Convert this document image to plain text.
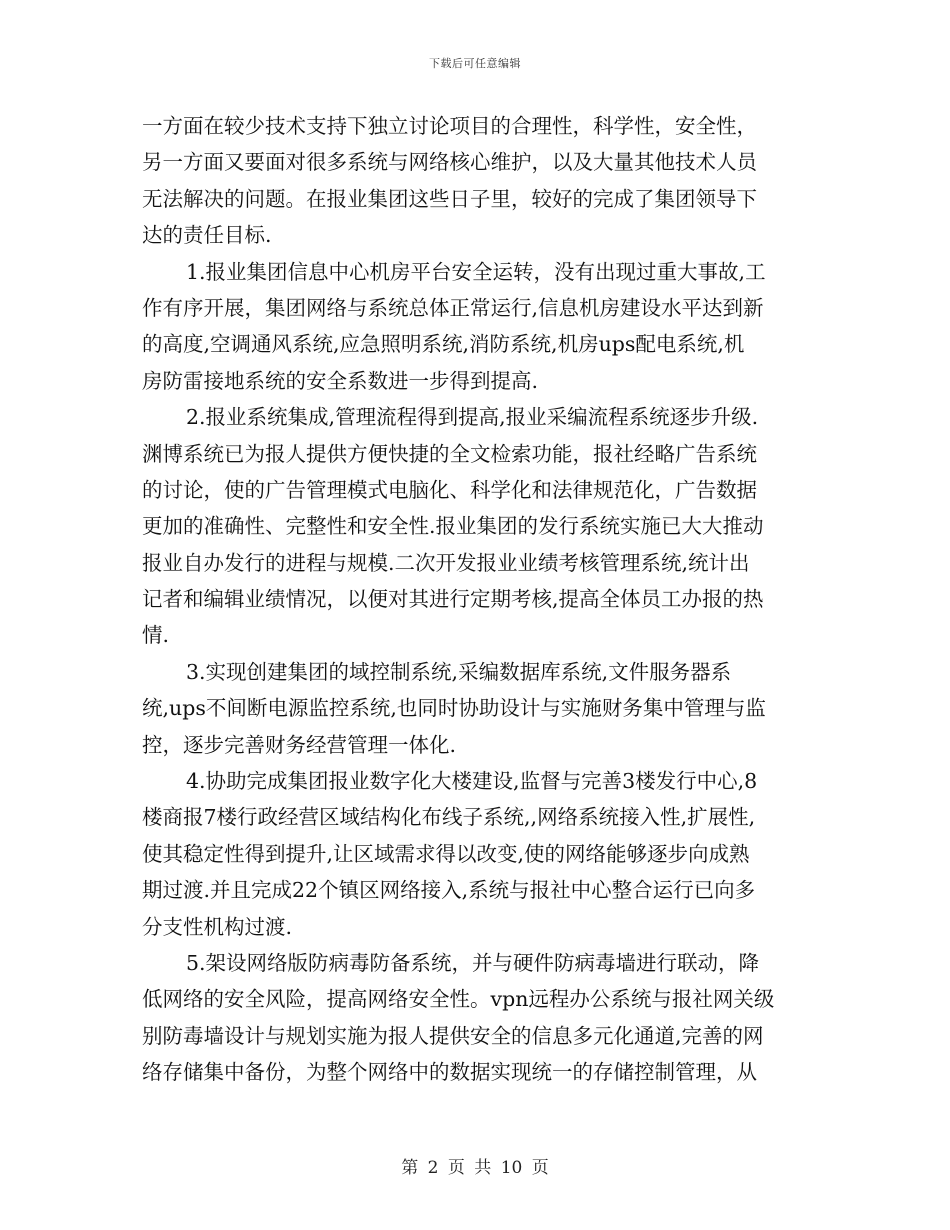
下载后可任意编辑
一方面在较少技术支持下独立讨论项目的合理性，科学性，安全性，
另一方面又要面对很多系统与网络核心维护，以及大量其他技术人员
无法解决的问题。在报业集团这些日子里，较好的完成了集团领导下
达的责任目标.
1.报业集团信息中心机房平台安全运转，没有出现过重大事故,工
作有序开展，集团网络与系统总体正常运行,信息机房建设水平达到新
的高度,空调通风系统,应急照明系统,消防系统,机房ups配电系统,机
房防雷接地系统的安全系数进一步得到提高.
2.报业系统集成,管理流程得到提高,报业采编流程系统逐步升级.
渊博系统已为报人提供方便快捷的全文检索功能，报社经略广告系统
的讨论，使的广告管理模式电脑化、科学化和法律规范化，广告数据
更加的准确性、完整性和安全性.报业集团的发行系统实施已大大推动
报业自办发行的进程与规模.二次开发报业业绩考核管理系统,统计出
记者和编辑业绩情况，以便对其进行定期考核,提高全体员工办报的热
情.
3.实现创建集团的域控制系统,采编数据库系统,文件服务器系
统,ups不间断电源监控系统,也同时协助设计与实施财务集中管理与监
控，逐步完善财务经营管理一体化.
4.协助完成集团报业数字化大楼建设,监督与完善3楼发行中心,8
楼商报7楼行政经营区域结构化布线子系统,,网络系统接入性,扩展性,
使其稳定性得到提升,让区域需求得以改变,使的网络能够逐步向成熟
期过渡.并且完成22个镇区网络接入,系统与报社中心整合运行已向多
分支性机构过渡.
5.架设网络版防病毒防备系统，并与硬件防病毒墙进行联动，降
低网络的安全风险，提高网络安全性。vpn远程办公系统与报社网关级
别防毒墙设计与规划实施为报人提供安全的信息多元化通道,完善的网
络存储集中备份，为整个网络中的数据实现统一的存储控制管理，从
第 2 页 共 10 页
